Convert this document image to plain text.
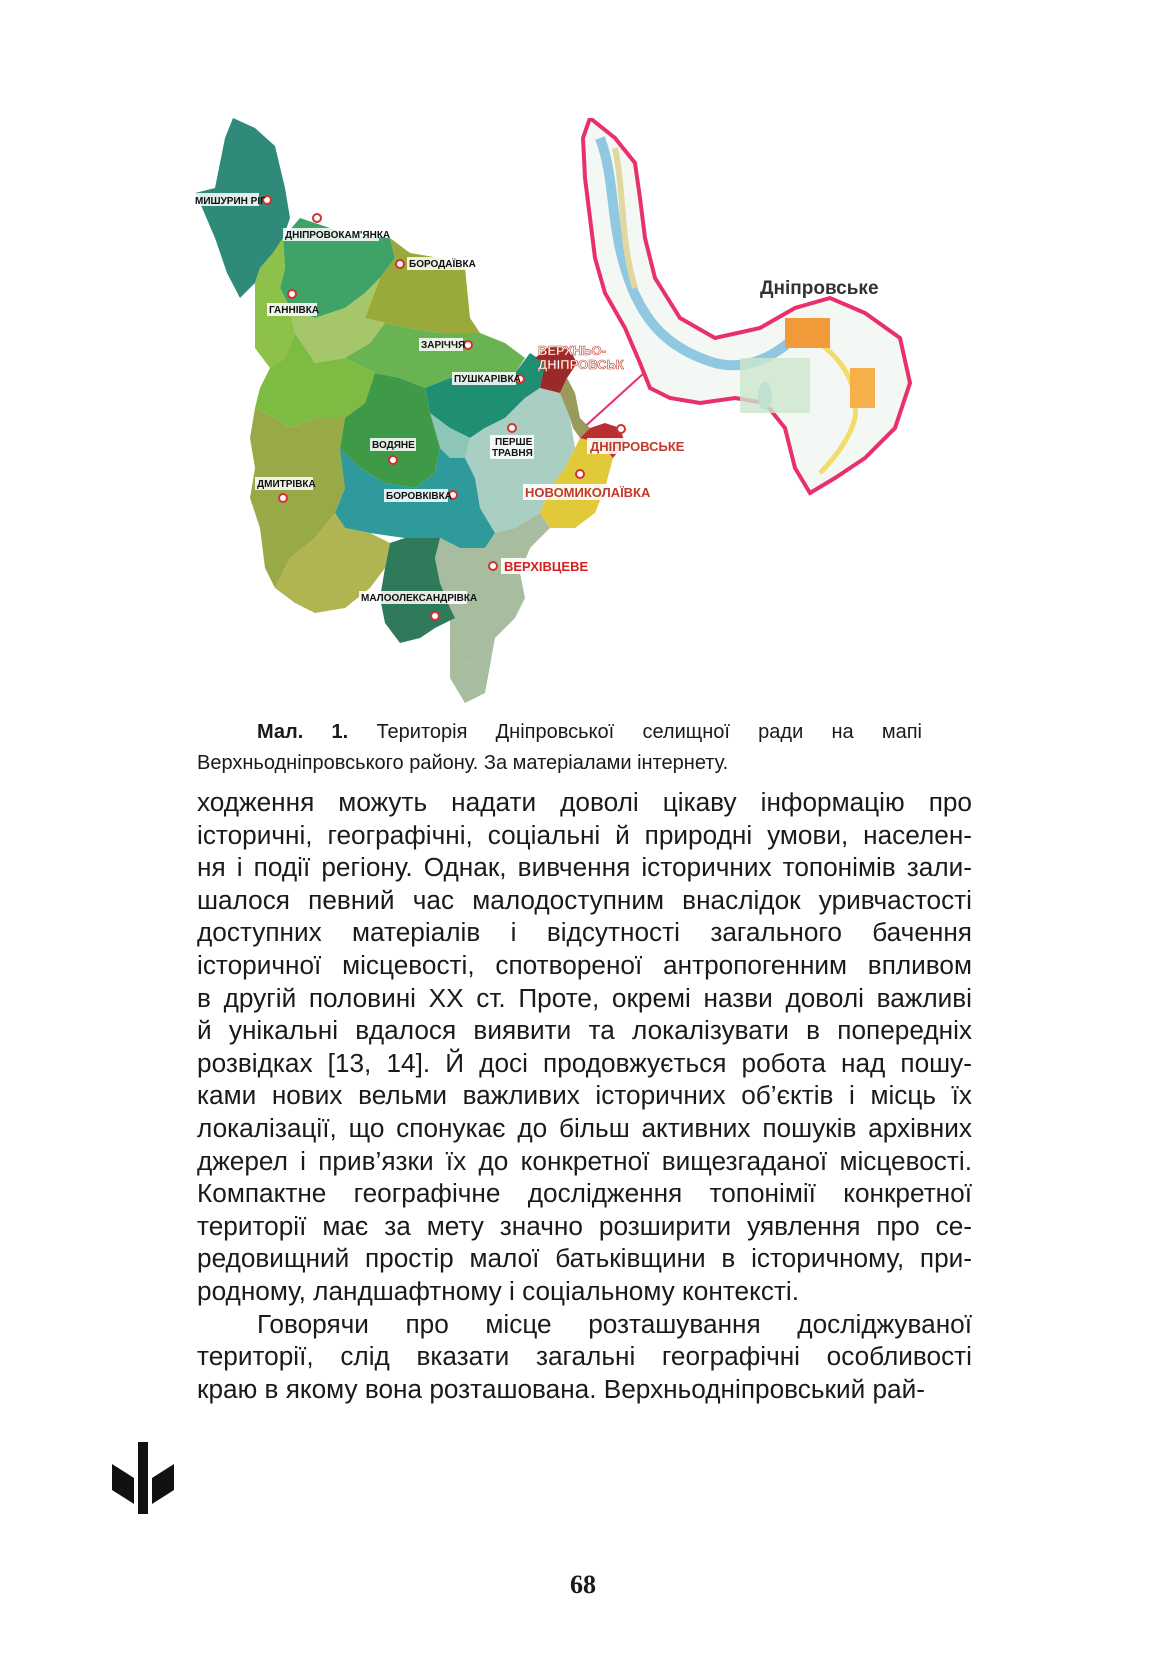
Дніпровське
МИШУРИН РІГ
ДНІПРОВОКАМ'ЯНКА
БОРОДАЇВКА
ГАННІВКА
ЗАРІЧЧЯ
ПУШКАРІВКА
ВЕРХНЬО-
ДНІПРОВСЬК
ПЕРШЕ
ТРАВНЯ
ВОДЯНЕ	ДНІПРОВСЬКЕ
НОВОМИКОЛАЇВКА
ДМИТРІВКА
БОРОВКІВКА
ВЕРХІВЦЕВЕ
МАЛООЛЕКСАНДРІВКА
Мал. 1. Територія Дніпровської селищної ради на мапі
Верхньодніпровського району. За матеріалами інтернету.
ходження можуть надати доволі цікаву інформацію про
історичні, географічні, соціальні й природні умови, населен-
ня і події регіону. Однак, вивчення історичних топонімів зали-
шалося певний час малодоступним внаслідок уривчастості
доступних матеріалів і відсутності загального бачення
історичної місцевості, спотвореної антропогенним впливом
в другій половині ХХ ст. Проте, окремі назви доволі важливі
й унікальні вдалося виявити та локалізувати в попередніх
розвідках [13, 14]. Й досі продовжується робота над пошу-
ками нових вельми важливих історичних об’єктів і місць їх
локалізації, що спонукає до більш активних пошуків архівних
джерел і прив’язки їх до конкретної вищезгаданої місцевості.
Компактне географічне дослідження топонімії конкретної
території має за мету значно розширити уявлення про се-
редовищний простір малої батьківщини в історичному, при-
родному, ландшафтному і соціальному контексті.
Говорячи про місце розташування досліджуваної
території, слід вказати загальні географічні особливості
краю в якому вона розташована. Верхньодніпровський рай-
68
